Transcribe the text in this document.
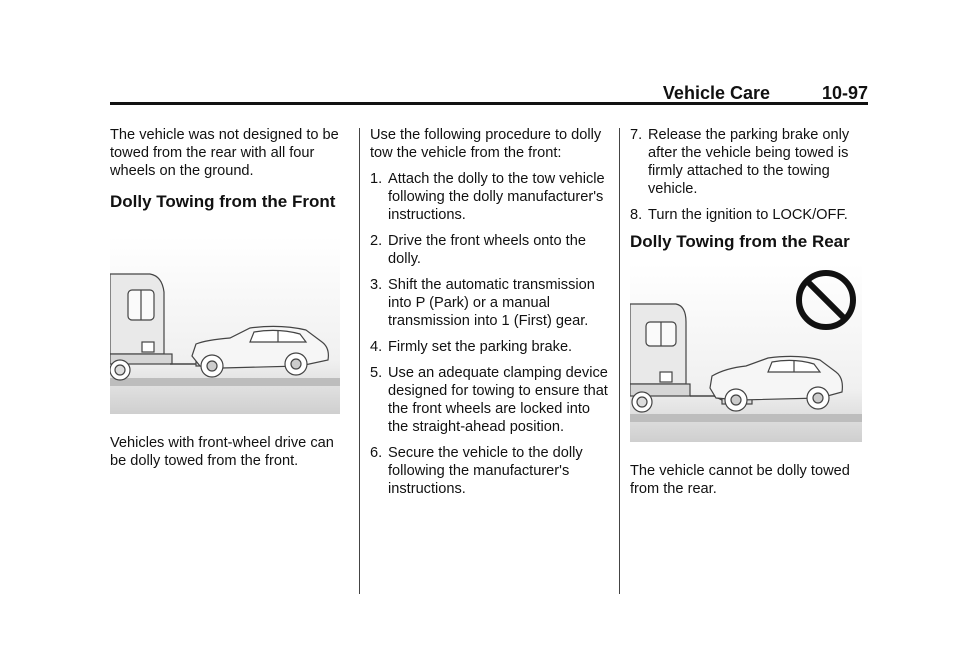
Vehicle Care	10-97

The vehicle was not designed to be towed from the rear with all four wheels on the ground.

Dolly Towing from the Front

Vehicles with front-wheel drive can be dolly towed from the front.

Use the following procedure to dolly tow the vehicle from the front:

1. Attach the dolly to the tow vehicle following the dolly manufacturer's instructions.
2. Drive the front wheels onto the dolly.
3. Shift the automatic transmission into P (Park) or a manual transmission into 1 (First) gear.
4. Firmly set the parking brake.
5. Use an adequate clamping device designed for towing to ensure that the front wheels are locked into the straight-ahead position.
6. Secure the vehicle to the dolly following the manufacturer's instructions.
7. Release the parking brake only after the vehicle being towed is firmly attached to the towing vehicle.
8. Turn the ignition to LOCK/OFF.
Dolly Towing from the Rear

The vehicle cannot be dolly towed from the rear.
